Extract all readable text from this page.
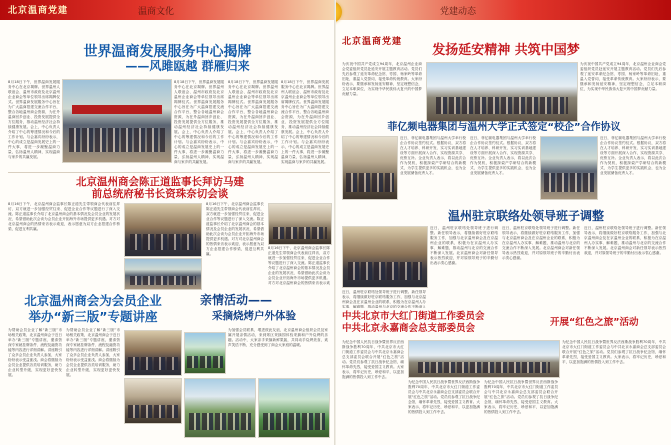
北京温商党建	温商文化
世界温商发展服务中心揭牌
——风雎瓯越 群雁归来
8月18日下午，世界温商发展服务中心在北京揭牌。世界温州人联谊会、温州市政府及北京温州企业商会等单位领导出席揭牌仪式。世界温商发展服务中心旨在为广大温商搭建交流合作平台，整合各地温州商会资源，为在外温商回乡创业、投资发展提供全方位服务，推动温州经济社会持续健康发展。会上，中心负责人介绍了中心的筹建情况和今后的工作计划。与会嘉宾纷纷表示，中心的成立是温商发展史上的一件大事，将进一步凝聚温商力量，弘扬温州人精神，实现温商与家乡的共赢发展。
8月18日下午，世界温商发展服务中心在北京揭牌。世界温州人联谊会、温州市政府及北京温州企业商会等单位领导出席揭牌仪式。世界温商发展服务中心旨在为广大温商搭建交流合作平台，整合各地温州商会资源，为在外温商回乡创业、投资发展提供全方位服务，推动温州经济社会持续健康发展。会上，中心负责人介绍了中心的筹建情况和今后的工作计划。与会嘉宾纷纷表示，中心的成立是温商发展史上的一件大事，将进一步凝聚温商力量，弘扬温州人精神，实现温商与家乡的共赢发展。
8月18日下午，世界温商发展服务中心在北京揭牌。世界温州人联谊会、温州市政府及北京温州企业商会等单位领导出席揭牌仪式。世界温商发展服务中心旨在为广大温商搭建交流合作平台，整合各地温州商会资源，为在外温商回乡创业、投资发展提供全方位服务，推动温州经济社会持续健康发展。会上，中心负责人介绍了中心的筹建情况和今后的工作计划。与会嘉宾纷纷表示，中心的成立是温商发展史上的一件大事，将进一步凝聚温商力量，弘扬温州人精神，实现温商与家乡的共赢发展。
8月18日下午，世界温商发展服务中心在北京揭牌。世界温州人联谊会、温州市政府及北京温州企业商会等单位领导出席揭牌仪式。世界温商发展服务中心旨在为广大温商搭建交流合作平台，整合各地温州商会资源，为在外温商回乡创业、投资发展提供全方位服务，推动温州经济社会持续健康发展。会上，中心负责人介绍了中心的筹建情况和今后的工作计划。与会嘉宾纷纷表示，中心的成立是温商发展史上的一件大事，将进一步凝聚温商力量，弘扬温州人精神，实现温商与家乡的共赢发展。
北京温州商会陈正道监事长拜访马建
前总统府秘书长资珠奈切会谈
8月16日下午，北京温州商会监事长陈正道先生带领商会代表前往拜访，双方就进一步加强经贸往来、促进企业合作等议题进行了深入交流。陈正道监事长介绍了北京温州商会的基本情况及会员企业的发展状况，希望借助此次会谈为会员企业开拓海外市场提供更多机遇。对方对北京温州商会的热情来访表示欢迎，表示愿意为双方企业搭建合作桥梁，促进互利共赢。
8月16日下午，北京温州商会监事长陈正道先生带领商会代表前往拜访，双方就进一步加强经贸往来、促进企业合作等议题进行了深入交流。陈正道监事长介绍了北京温州商会的基本情况及会员企业的发展状况，希望借助此次会谈为会员企业开拓海外市场提供更多机遇。对方对北京温州商会的热情来访表示欢迎，表示愿意为双方企业搭建合作桥梁，促进互利共赢。
8月16日下午，北京温州商会监事长陈正道先生带领商会代表前往拜访，双方就进一步加强经贸往来、促进企业合作等议题进行了深入交流。陈正道监事长介绍了北京温州商会的基本情况及会员企业的发展状况，希望借助此次会谈为会员企业开拓海外市场提供更多机遇。对方对北京温州商会的热情来访表示欢
北京温州商会为会员企业
举办“新三版”专题讲座
为帮助会员企业了解“新三版”市场相关政策，北京温州商会于近日举办“新三版”专题讲座，邀请资深专家就挂牌条件、流程及融资功能等内容进行详细讲解。讲座吸引了众多会员企业负责人参加，大家纷纷表示受益匪浅。商会将继续为会员企业提供各类培训服务，助力企业转型升级，实现更好更快发展。
为帮助会员企业了解“新三版”市场相关政策，北京温州商会于近日举办“新三版”专题讲座，邀请资深专家就挂牌条件、流程及融资功能等内容进行详细讲解。讲座吸引了众多会员企业负责人参加，大家纷纷表示受益匪浅。商会将继续为会员企业提供各类培训服务，助力企业转型升级，实现更好更快发展。
亲情活动——
采摘烧烤户外体验
为加强会员联系，增进彼此友谊，北京温州商会组织会员及家属开展亲情活动，来到郊区采摘园体验采摘和户外烧烤的乐趣。活动中，大家亲手采摘新鲜果蔬，共同动手烧烤美食，欢声笑语不断，充分感受到了商会大家庭的温暖。
党建动态
北京温商党建
发扬延安精神 共筑中国梦
为庆祝中国共产党成立94周年，北京温州企业商会党委组织党员赴延安开展主题教育活动。党员们先后参观了延安革命纪念馆、枣园、杨家岭等革命旧址，重温入党誓词，接受革命传统教育。大家纷纷表示，要继承和发扬延安精神，坚定理想信念，立足本职岗位，为实现中华民族伟大复兴的中国梦贡献力量。
为庆祝中国共产党成立94周年，北京温州企业商会党委组织党员赴延安开展主题教育活动。党员们先后参观了延安革命纪念馆、枣园、杨家岭等革命旧址，重温入党誓词，接受革命传统教育。大家纷纷表示，要继承和发扬延安精神，坚定理想信念，立足本职岗位，为实现中华民族伟大复兴的中国梦贡献力量。
菲亿频电器集团与温州大学正式签定“校企”合作协议
近日，菲亿频电器集团与温州大学举行校企合作协议签约仪式。根据协议，双方将在人才培养、科研开发、实习实训基地建设等方面开展深入合作，实现资源共享、优势互补。企业负责人表示，将以此次合作为契机，积极探索产学研结合的新模式，为学生提供更多的实践机会，也为企业发展储备优秀人才。
近日，菲亿频电器集团与温州大学举行校企合作协议签约仪式。根据协议，双方将在人才培养、科研开发、实习实训基地建设等方面开展深入合作，实现资源共享、优势互补。企业负责人表示，将以此次合作为契机，积极探索产学研结合的新模式，为学生提供更多的实践机会，也为企业发展储备优秀人才。
近日，菲亿频电器集团与温州大学举行校企合作协议签约仪式。根据协议，双方将在人才培养、科研开发、实习实训基地建设等方面开展深入合作，实现资源共享、优势互补。企业负责人表示，将以此次合作为契机，积极探索产学研结合的新模式，为学生提供更多的实践机会，也为企业发展储备优秀人才。
温州驻京联络处领导班子调整
近日，温州驻京联络处领导班子进行调整。新任领导表示，将继续做好驻京联络服务工作，加强与北京温州商会及在京温州企业的联系，积极为在京温州人办实事、解难题，推动温州与北京的交流合作不断深入发展。北京温州商会对新任领导表示热烈欢迎，并对原领导班子的辛勤付出表示衷心感谢。
近日，温州驻京联络处领导班子进行调整。新任领导表示，将继续做好驻京联络服务工作，加强与北京温州商会及在京温州企业的联系，积极为在京温州人办实事、解难题，推动温州与北京的交流合作不断深入发展。北京温州商会对新任领导表示热烈欢迎，并对原领导班子的辛勤付出表示衷心感谢。
近日，温州驻京联络处领导班子进行调整。新任领导表示，将继续做好驻京联络服务工作，加强与北京温州商会及在京温州企业的联系，积极为在京温州人办实事、解难题，推动温州与北京的交流合作不断深入发展。北京温州商会对新任领导表示热烈欢迎，并对原领导班子的辛勤付出表示衷心感谢。
近日，温州驻京联络处领导班子进行调整。新任领导表示，将继续做好驻京联络服务工作，加强与北京温州商会及在京温州企业的联系，积极为在京温州人办实事、解难题，推动温州与北京的交流合作不断深入
中共北京市大红门街道工作委员会
中共北京永嘉商会总支部委员会
开展“红色之旅”活动
为纪念中国人民抗日战争暨世界反法西斯战争胜利70周年，中共北京市大红门街道工作委员会与中共北京永嘉商会总支部委员会联合开展“红色之旅”活动。党员们参观了抗日战争纪念馆，缅怀革命先烈，接受爱国主义教育。大家表示，将牢记历史，珍爱和平，以更加饱满的热情投入到工作中去。
为纪念中国人民抗日战争暨世界反法西斯战争胜利70周年，中共北京市大红门街道工作委员会与中共北京永嘉商会总支部委员会联合开展“红色之旅”活动。党员们参观了抗日战争纪念馆，缅怀革命先烈，接受爱国主义教育。大家表示，将牢记历史，珍爱和平，以更加饱满的热情投入到工作中去。
为纪念中国人民抗日战争暨世界反法西斯战争胜利70周年，中共北京市大红门街道工作委员会与中共北京永嘉商会总支部委员会联合开展“红色之旅”活动。党员们参观了抗日战争纪念馆，缅怀革命先烈，接受爱国主义教育。大家表示，将牢记历史，珍爱和平，以更加饱满的热情投入到工作中去。
为纪念中国人民抗日战争暨世界反法西斯战争胜利70周年，中共北京市大红门街道工作委员会与中共北京永嘉商会总支部委员会联合开展“红色之旅”活动。党员们参观了抗日战争纪念馆，缅怀革命先烈，接受爱国主义教育。大家表示，将牢记历史，珍爱和平，以更加饱满的热情投入到工作中去。
